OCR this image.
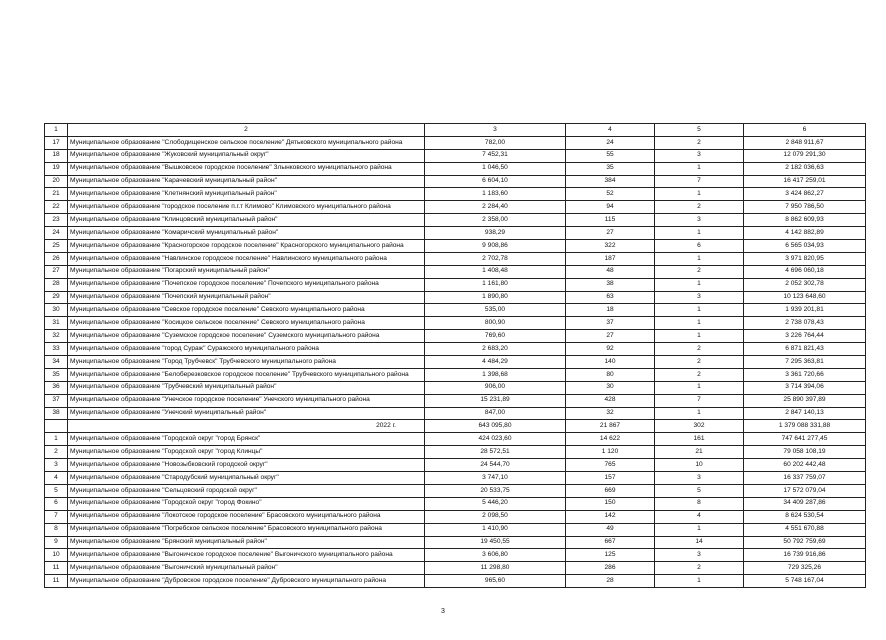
1	2	3	4	5	6
17	Муниципальное образование "Слободищенское сельское поселение" Дятьковского муниципального района	782,00	24	2	2 848 911,67
18	Муниципальное образование "Жуковский муниципальный округ"	7 452,31	55	3	12 079 291,30
19	Муниципальное образование "Вышковское городское поселение" Злынковского муниципального района	1 046,50	35	1	2 182 036,63
20	Муниципальное образование "Карачевский муниципальный район"	6 604,10	384	7	16 417 259,01
21	Муниципальное образование "Клетнянский муниципальный район"	1 183,60	52	1	3 424 862,27
22	Муниципальное образование "городское поселение п.г.т Климово" Климовского муниципального района	2 284,40	94	2	7 950 786,50
23	Муниципальное образование "Клинцовский муниципальный район"	2 358,00	115	3	8 862 609,93
24	Муниципальное образование "Комаричский муниципальный район"	938,29	27	1	4 142 882,89
25	Муниципальное образование "Красногорское городское поселение" Красногорского муниципального района	9 908,86	322	6	6 565 034,93
26	Муниципальное образование "Навлинское городское поселение" Навлинского муниципального района	2 702,78	187	1	3 971 820,95
27	Муниципальное образование "Погарский муниципальный район"	1 408,48	48	2	4 696 060,18
28	Муниципальное образование "Почепское городское поселение" Почепского муниципального района	1 161,80	38	1	2 052 302,78
29	Муниципальное образование "Почепский муниципальный район"	1 890,80	63	3	10 123 648,60
30	Муниципальное образование "Севское городское поселение" Севского муниципального района	535,00	18	1	1 939 201,81
31	Муниципальное образование "Косицкое сельское поселение" Севского муниципального района	800,90	37	1	2 738 078,43
32	Муниципальное образование "Суземское городское поселение" Суземского муниципального района	769,60	27	1	3 226 764,44
33	Муниципальное образование "город Сураж" Суражского муниципального района	2 683,20	92	2	6 871 821,43
34	Муниципальное образование "Город Трубчевск" Трубчевского муниципального района	4 484,29	140	2	7 295 363,81
35	Муниципальное образование "Белоберезковское городское поселение" Трубчевского муниципального района	1 398,68	80	2	3 361 720,66
36	Муниципальное образование "Трубчевский муниципальный район"	906,00	30	1	3 714 394,06
37	Муниципальное образование "Унечское городское поселение" Унечского муниципального района	15 231,89	428	7	25 890 397,89
38	Муниципальное образование "Унечский муниципальный район"	847,00	32	1	2 847 140,13
	2022 г.	643 095,80	21 867	302	1 379 088 331,88
1	Муниципальное образование "Городской округ "город Брянск"	424 023,60	14 622	161	747 641 277,45
2	Муниципальное образование "Городской округ "город Клинцы"	28 572,51	1 120	21	79 058 108,19
3	Муниципальное образование "Новозыбковский городской округ"	24 544,70	765	10	60 202 442,48
4	Муниципальное образование "Стародубский муниципальный округ"	3 747,10	157	3	16 337 759,07
5	Муниципальное образование "Сельцовский городской округ"	20 533,75	669	5	17 572 079,04
6	Муниципальное образование "Городской округ "город Фокино"	5 446,20	150	8	34 409 287,86
7	Муниципальное образование "Локотское городское поселение" Брасовского муниципального района	2 098,50	142	4	8 624 530,54
8	Муниципальное образование "Погребское сельское поселение" Брасовского муниципального района	1 410,90	49	1	4 551 670,88
9	Муниципальное образование "Брянский муниципальный район"	19 450,55	667	14	50 792 759,69
10	Муниципальное образование "Выгоничское городское поселение" Выгоничского муниципального района	3 606,80	125	3	16 739 916,86
11	Муниципальное образование "Выгоничский муниципальный район"	11 298,80	286	2	729 325,26
11	Муниципальное образование "Дубровское городское поселение" Дубровского муниципального района	965,60	28	1	5 748 167,04
3
